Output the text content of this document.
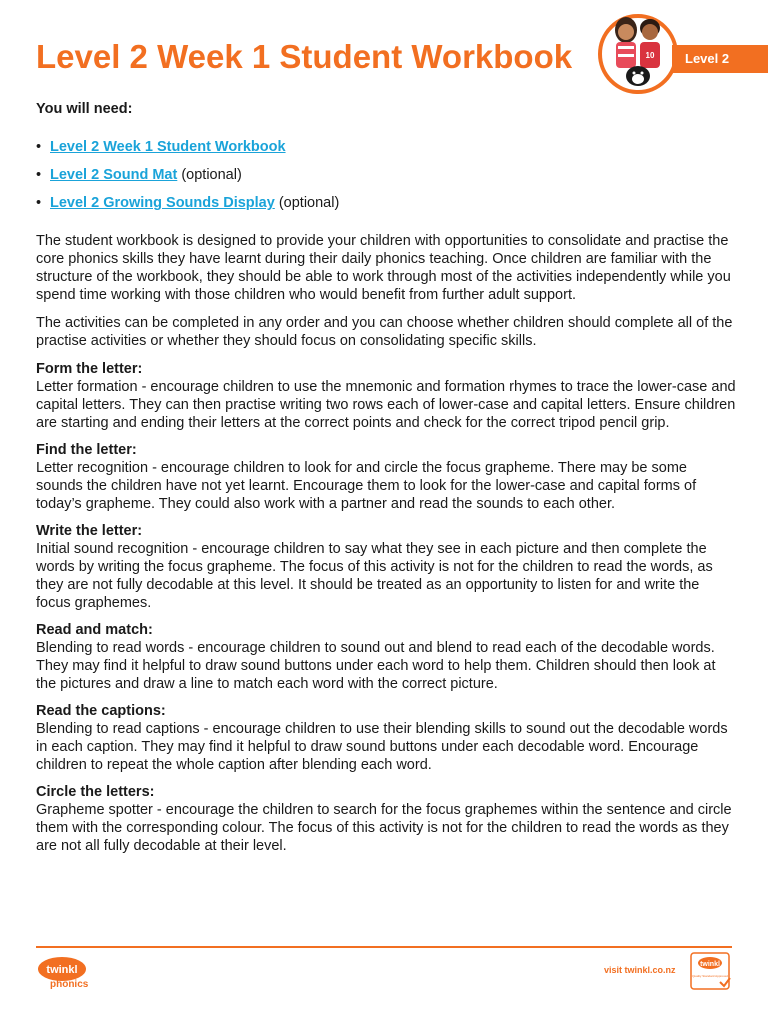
Level 2 Week 1 Student Workbook	10	Level 2

You will need:

• Level 2 Week 1 Student Workbook
• Level 2 Sound Mat (optional)
• Level 2 Growing Sounds Display (optional)

The student workbook is designed to provide your children with opportunities to consolidate and practise the core phonics skills they have learnt during their daily phonics teaching. Once children are familiar with the structure of the workbook, they should be able to work through most of the activities independently while you spend time working with those children who would benefit from further adult support.

The activities can be completed in any order and you can choose whether children should complete all of the practise activities or whether they should focus on consolidating specific skills.

Form the letter:
Letter formation - encourage children to use the mnemonic and formation rhymes to trace the lower-case and capital letters. They can then practise writing two rows each of lower-case and capital letters. Ensure children are starting and ending their letters at the correct points and check for the correct tripod pencil grip.
Find the letter:
Letter recognition - encourage children to look for and circle the focus grapheme. There may be some sounds the children have not yet learnt. Encourage them to look for the lower-case and capital forms of today’s grapheme. They could also work with a partner and read the sounds to each other.
Write the letter:
Initial sound recognition - encourage children to say what they see in each picture and then complete the words by writing the focus grapheme. The focus of this activity is not for the children to read the words, as they are not fully decodable at this level. It should be treated as an opportunity to listen for and write the focus graphemes.
Read and match:
Blending to read words - encourage children to sound out and blend to read each of the decodable words. They may find it helpful to draw sound buttons under each word to help them. Children should then look at the pictures and draw a line to match each word with the correct picture.
Read the captions:
Blending to read captions - encourage children to use their blending skills to sound out the decodable words in each caption. They may find it helpful to draw sound buttons under each decodable word. Encourage children to repeat the whole caption after blending each word.
Circle the letters:
Grapheme spotter - encourage the children to search for the focus graphemes within the sentence and circle them with the corresponding colour. The focus of this activity is not for the children to read the words as they are not all fully decodable at their level.
twinkl
phonics
visit twinkl.co.nz
twinkl
Quality Standard Approved
